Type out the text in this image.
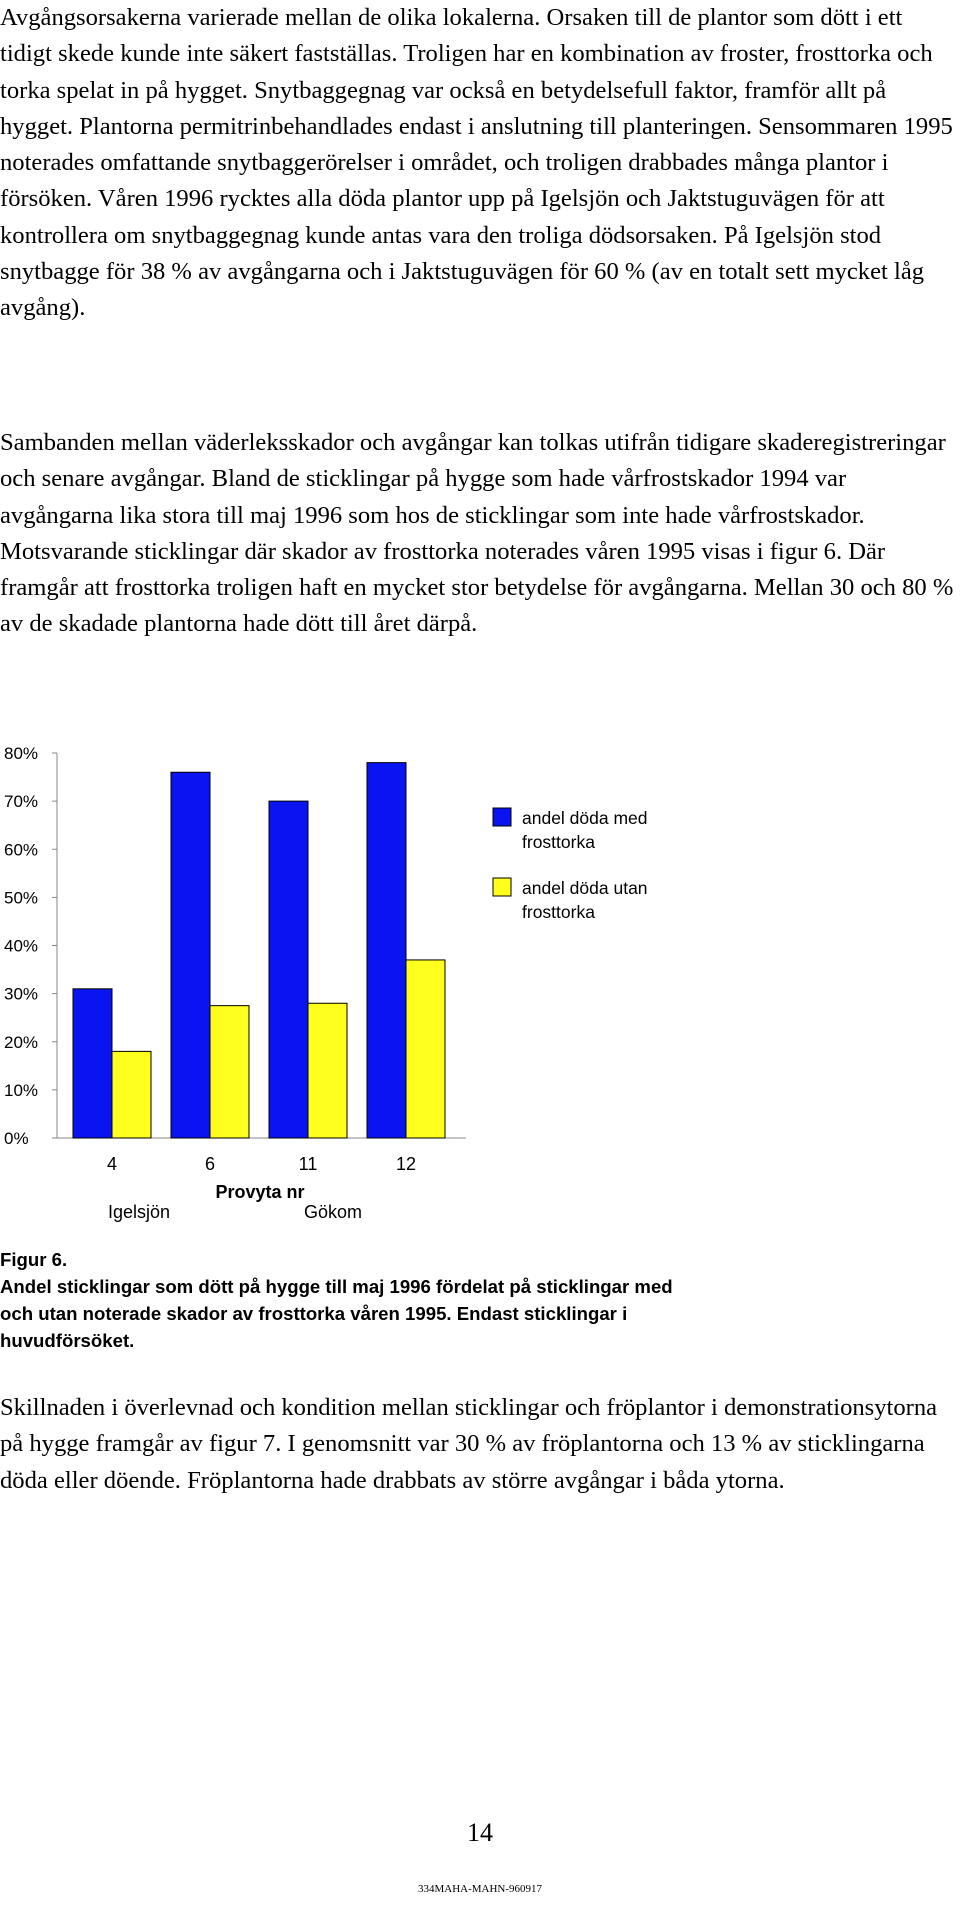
Avgångsorsakerna varierade mellan de olika lokalerna. Orsaken till de plantor som dött i ett tidigt skede kunde inte säkert fastställas. Troligen har en kombination av froster, frosttorka och torka spelat in på hygget. Snytbaggegnag var också en betydelsefull faktor, framför allt på hygget. Plantorna permitrinbehandlades endast i anslutning till planteringen. Sensommaren 1995 noterades omfattande snytbaggerörelser i området, och troligen drabbades många plantor i försöken. Våren 1996 rycktes alla döda plantor upp på Igelsjön och Jaktstuguvägen för att kontrollera om snytbaggegnag kunde antas vara den troliga dödsorsaken. På Igelsjön stod snytbagge för 38 % av avgångarna och i Jaktstuguvägen för 60 % (av en totalt sett mycket låg avgång).

Sambanden mellan väderleksskador och avgångar kan tolkas utifrån tidigare skaderegistreringar och senare avgångar. Bland de sticklingar på hygge som hade vårfrostskador 1994 var avgångarna lika stora till maj 1996 som hos de sticklingar som inte hade vårfrostskador. Motsvarande sticklingar där skador av frosttorka noterades våren 1995 visas i figur 6. Där framgår att frosttorka troligen haft en mycket stor betydelse för avgångarna. Mellan 30 och 80 % av de skadade plantorna hade dött till året därpå.

0%
10%
20%
30%
40%
50%
60%
70%
80%
4	6	11	12
Provyta nr
Igelsjön	Gökom
andel döda med frosttorka
andel döda utan frosttorka

Figur 6.
Andel sticklingar som dött på hygge till maj 1996 fördelat på sticklingar med och utan noterade skador av frosttorka våren 1995. Endast sticklingar i huvudförsöket.

Skillnaden i överlevnad och kondition mellan sticklingar och fröplantor i demonstrationsytorna på hygge framgår av figur 7. I genomsnitt var 30 % av fröplantorna och 13 % av sticklingarna döda eller döende. Fröplantorna hade drabbats av större avgångar i båda ytorna.

14
334MAHA-MAHN-960917
